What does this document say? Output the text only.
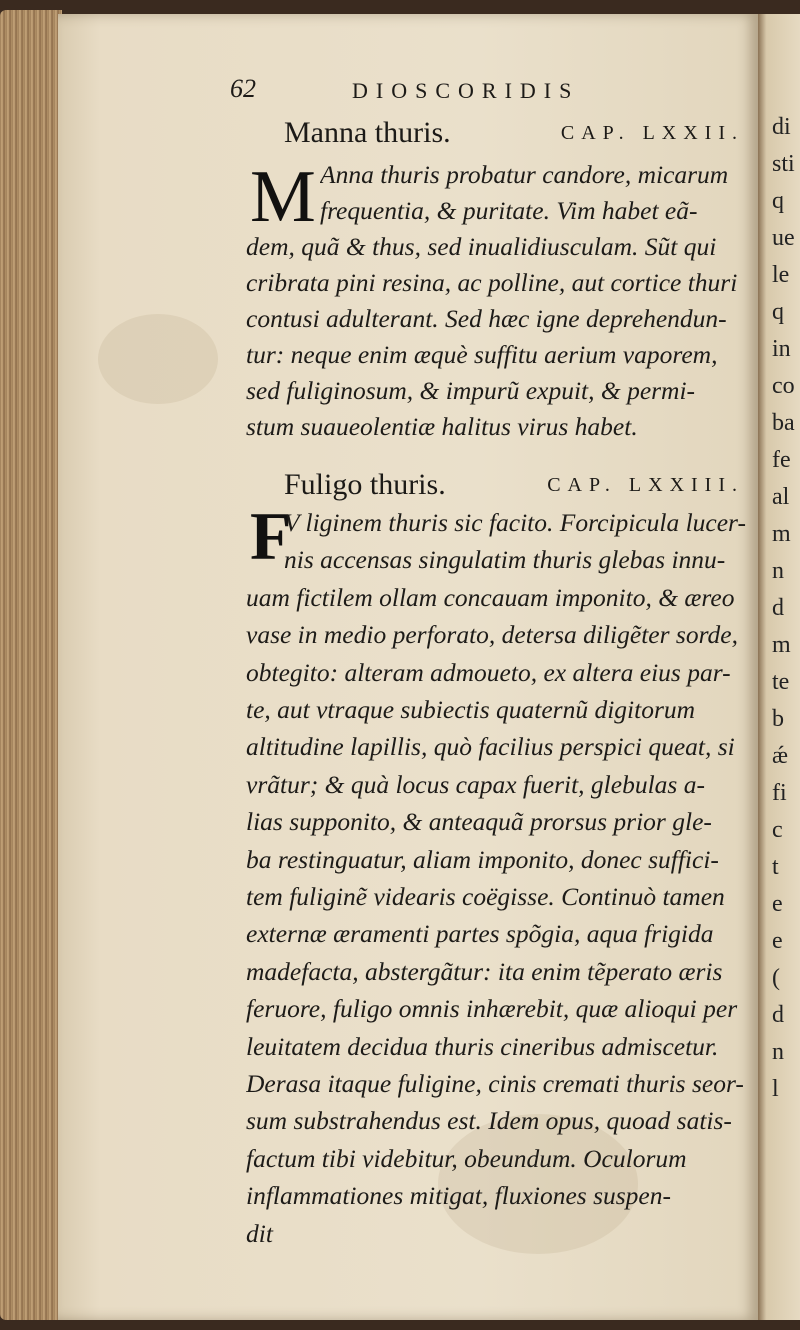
di
sti
q
ue
le
q
in
co
ba
fe
al
m
n
d
m
te
b
ǽ
fi
c
t
e
e
(
d
n
l
62	DIOSCORIDIS
Manna thuris.	CAP. LXXII.
M Anna thuris probatur candore, micarum
frequentia, & puritate. Vim habet eã-
dem, quã & thus, sed inualidiusculam. Sũt qui
cribrata pini resina, ac polline, aut cortice thuri
contusi adulterant. Sed hæc igne deprehendun-
tur: neque enim æquè suffitu aerium vaporem,
sed fuliginosum, & impurũ expuit, & permi-
stum suaueolentiæ halitus virus habet.
Fuligo thuris.	CAP. LXXIII.
F
V liginem thuris sic facito. Forcipicula lucer-
nis accensas singulatim thuris glebas innu-
uam fictilem ollam concauam imponito, & æreo
vase in medio perforato, detersa diligẽter sorde,
obtegito: alteram admoueto, ex altera eius par-
te, aut vtraque subiectis quaternũ digitorum
altitudine lapillis, quò facilius perspici queat, si
vrãtur; & quà locus capax fuerit, glebulas a-
lias supponito, & anteaquã prorsus prior gle-
ba restinguatur, aliam imponito, donec suffici-
tem fuliginẽ videaris coëgisse. Continuò tamen
externæ æramenti partes spõgia, aqua frigida
madefacta, abstergãtur: ita enim tẽperato æris
feruore, fuligo omnis inhærebit, quæ alioqui per
leuitatem decidua thuris cineribus admiscetur.
Derasa itaque fuligine, cinis cremati thuris seor-
sum substrahendus est. Idem opus, quoad satis-
factum tibi videbitur, obeundum. Oculorum
inflammationes mitigat, fluxiones suspen-
dit
